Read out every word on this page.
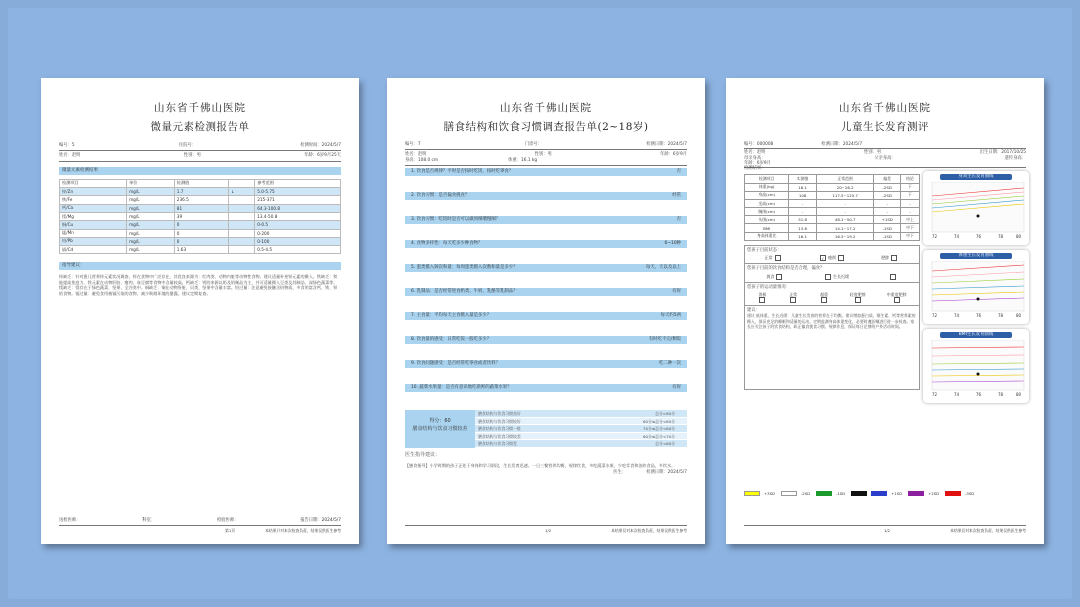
山东省千佛山医院
微量元素检测报告单
编号：5	住院号：	检测时间：2024/5/7
姓名：赵明	性别：男	年龄：6岁9月25天
微量元素检测结果
检测项目	单位	检测值		参考范围
锌/Zn	mg/L	1.7	↓	5.0-5.75
铁/Fe	mg/L	236.5		215-371
钙/Ca	mg/L	81		64.3-100.8
镁/Mg	mg/L	39		13.4-50.8
铜/Cu	mg/L	0		0-0.5
锰/Mn	mg/L	0		0-200
铅/Pb	mg/L	0		0-100
镉/Cd	mg/L	1.63		0.5-4.5
指导建议：
锌缺乏：针对患儿营养锌元素状况调查，锌在食物中广泛存在，其优良来源为：红肉类、动物内脏等动物性食物。建议适量补充锌元素的摄入。铁缺乏：铁能提高免疫力，铁元素在动物肝脏、瘦肉、血豆腐等食物中含量较高。钙缺乏：钙的来源以奶及奶制品为主，并可适量摄入豆类及其制品、深绿色蔬菜等。镁缺乏：镁存在于绿色蔬菜、坚果、全谷类中。铜缺乏：铜在动物肝脏、贝类、坚果中含量丰富。铅过量：注意避免接触含铅物质，多食用富含钙、铁、锌的食物。镉过量：避免食用被镉污染的食物，减少吸烟环境的暴露，建议定期复查。
送检医师：	科室：	检验医师：	报告日期：2024/5/7
第1页	本结果只对本次检查负责，结果仅供医生参考
山东省千佛山医院
膳食结构和饮食习惯调查报告单(2~18岁)
编号：7	门诊号：	检测日期：2024/5/7
姓名：赵明	性别：男	年龄：6岁9月
身高：108.0 cm	体重：16.1 kg
1. 饮食是否规律？平时是否按时吃饭，按时吃零食？	否
2. 饮食习惯：是否偏食挑食？	经常
3. 饮食习惯：吃饭时是否可以做到细嚼慢咽？	否
4. 食物多样性：每天吃多少种食物？	6~10种
5. 蛋类摄入频次和量：每周蛋类摄入次数和量是多少？	毎天，天以及以上
6. 乳制品：是否经常进食奶类、牛奶、乳酪等乳制品？	有时
7. 主食量：平均每天主食摄入量是多少？	每天约5两
8. 饮食量的感受：日常吃饭一般吃多少？	有时吃不完/剩饭
9. 饮食问题感受：是否经常吃零食或者饮料？	吃二种一次
10. 蔬菜水果量：是否有意识地吃新鲜的蔬菜水果？	有时
得分：60
膳食结构与饮食习惯较差
膳食结构与饮食习惯良好	总分>80分
膳食结构与饮食习惯较好	60分≤总分<80分
膳食结构与饮食习惯一般	70分≤总分<80分
膳食结构与饮食习惯较差	60分≤总分<70分
膳食结构与饮食习惯差	总分<60分
医生指导建议：
【膳食指导】小学时期的孩子正处于身体和学习阶段，生长发育迅速。一日三餐营养均衡，规律饮食，多吃蔬菜水果，少吃零食和油炸食品，多饮水。
医生：	检测日期：2024/5/7
1/2	本结果仅对本次检查负责，结果仅供医生参考
山东省千佛山医院
儿童生长发育测评
编号：000008	检测日期：2024/5/7
姓名：赵明	性别：男	出生日期：2017/10/25
母亲身高：	父亲身高：	遗传身高：
年龄：6岁9月
检测结果：
检测项目	实测值	正常范围	偏差	结论
体重(kg)	16.1	20~26.2	-2SD	下
身高(cm)	108	117.5~125.7	-2SD	下
坐高(cm)	-	-	-	-
胸围(cm)	-	-	-	-
头围(cm)	51.8	48.1~50.7	+1SD	中上
BMI	13.8	14.1~17.2	-1SD	中下
身高体重比	16.1	16.5~19.2	-1SD	中下
您孩子目前状态：
正常	✓ 瘦削	肥胖
您孩子目前的饮食结构是否合理，偏食？
挑食	生长迟缓
您孩子的运动量情况：
消极	正常	超重	轻度肥胖	中重度肥胖

建议：
建议 低体重、生长迟缓：儿童生长发育的营养在于均衡。建议增加蛋白质、维生素、钙等营养素的摄入，保证充足的睡眠和适量的运动。定期监测身高体重变化，必要时遵医嘱进行进一步检查。家长应关注孩子的饮食结构，纠正偏食挑食习惯，规律作息，保证每日足够的户外活动时间。
身高生长发育曲线
72	74	76	78	80
体重生长发育曲线
72	74	76	78	80
BMI生长发育曲线
72	74	76	78	80
+3SD	-2SD	-1SD	+1SD	+2SD	-3SD
1/2	本结果仅对本次检查负责，结果仅供医生参考
